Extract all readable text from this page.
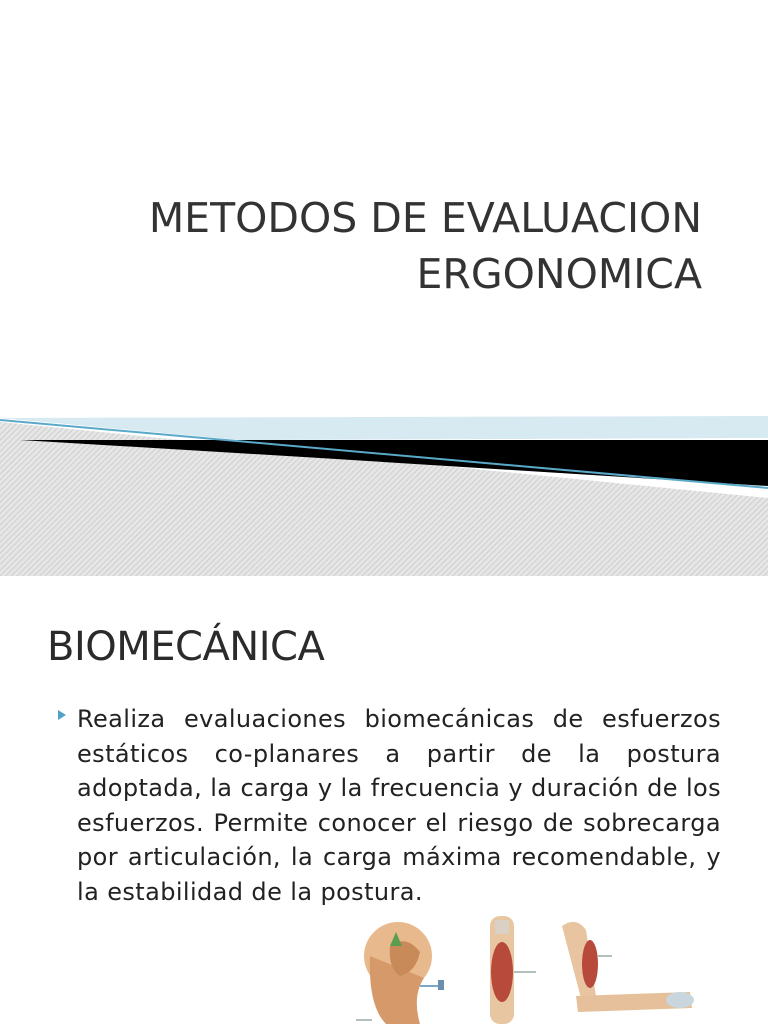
METODOS DE EVALUACION
ERGONOMICA
BIOMECÁNICA
Realiza evaluaciones biomecánicas de esfuerzos estáticos co-planares a partir de la postura adoptada, la carga y la frecuencia y duración de los esfuerzos. Permite conocer el riesgo de sobrecarga por articulación, la carga máxima recomendable, y la estabilidad de la postura.
